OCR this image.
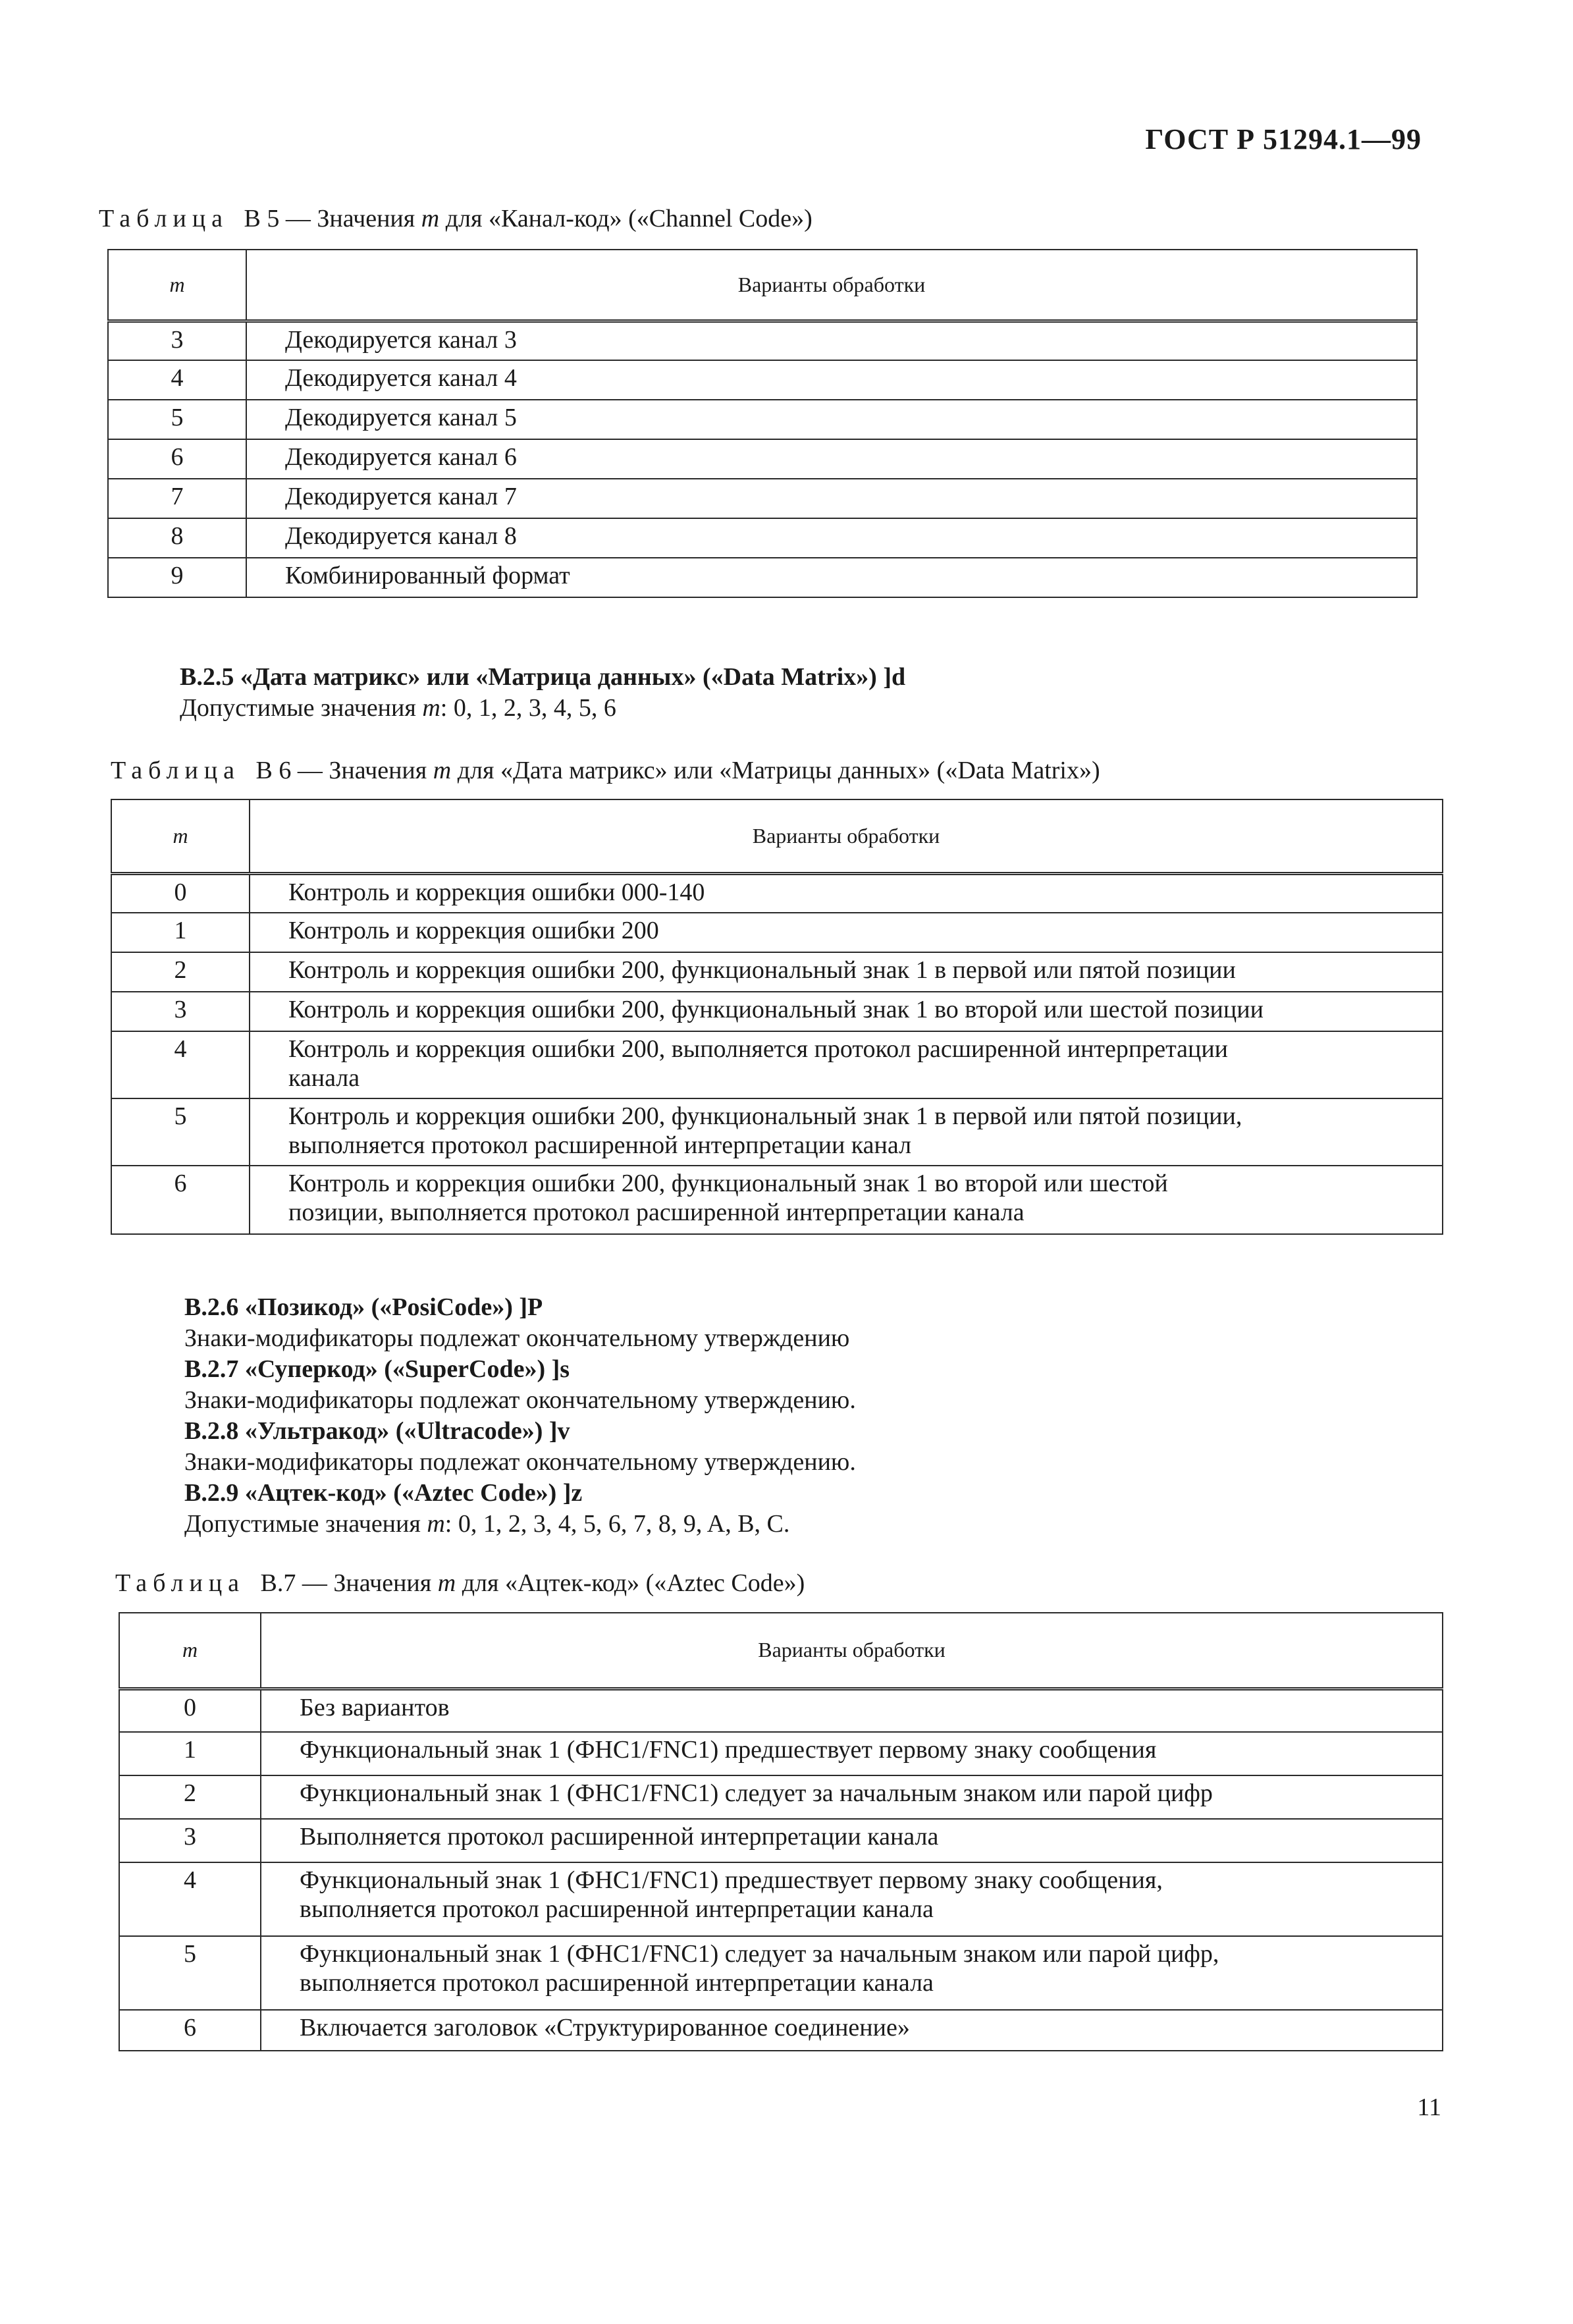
ГОСТ Р 51294.1—99
Таблица В 5 — Значения m для «Канал-код» («Channel Code»)
m	Варианты обработки
3	Декодируется канал 3
4	Декодируется канал 4
5	Декодируется канал 5
6	Декодируется канал 6
7	Декодируется канал 7
8	Декодируется канал 8
9	Комбинированный формат
В.2.5 «Дата матрикс» или «Матрица данных» («Data Matrix») ]d
Допустимые значения m: 0, 1, 2, 3, 4, 5, 6
Таблица В 6 — Значения m для «Дата матрикс» или «Матрицы данных» («Data Matrix»)
m	Варианты обработки
0	Контроль и коррекция ошибки 000-140

1	Контроль и коррекция ошибки 200

2	Контроль и коррекция ошибки 200, функциональный знак 1 в первой или пятой позиции

3	Контроль и коррекция ошибки 200, функциональный знак 1 во второй или шестой позиции

4	Контроль и коррекция ошибки 200, выполняется протокол расширенной интерпретации
канала

5	Контроль и коррекция ошибки 200, функциональный знак 1 в первой или пятой позиции,
выполняется протокол расширенной интерпретации канал

6	Контроль и коррекция ошибки 200, функциональный знак 1 во второй или шестой
позиции, выполняется протокол расширенной интерпретации канала
В.2.6 «Позикод» («PosiCode») ]P
Знаки-модификаторы подлежат окончательному утверждению
В.2.7 «Суперкод» («SuperCode») ]s
Знаки-модификаторы подлежат окончательному утверждению.
В.2.8 «Ультракод» («Ultracode») ]v
Знаки-модификаторы подлежат окончательному утверждению.
В.2.9 «Ацтек-код» («Aztec Code») ]z
Допустимые значения m: 0, 1, 2, 3, 4, 5, 6, 7, 8, 9, A, B, C.
Таблица В.7 — Значения m для «Ацтек-код» («Aztec Code»)
m	Варианты обработки
0	Без вариантов

1	Функциональный знак 1 (ФНС1/FNC1) предшествует первому знаку сообщения

2	Функциональный знак 1 (ФНС1/FNC1) следует за начальным знаком или парой цифр

3	Выполняется протокол расширенной интерпретации канала

4	Функциональный знак 1 (ФНС1/FNC1) предшествует первому знаку сообщения,
выполняется протокол расширенной интерпретации канала

5	Функциональный знак 1 (ФНС1/FNC1) следует за начальным знаком или парой цифр,
выполняется протокол расширенной интерпретации канала

6	Включается заголовок «Структурированное соединение»
11
